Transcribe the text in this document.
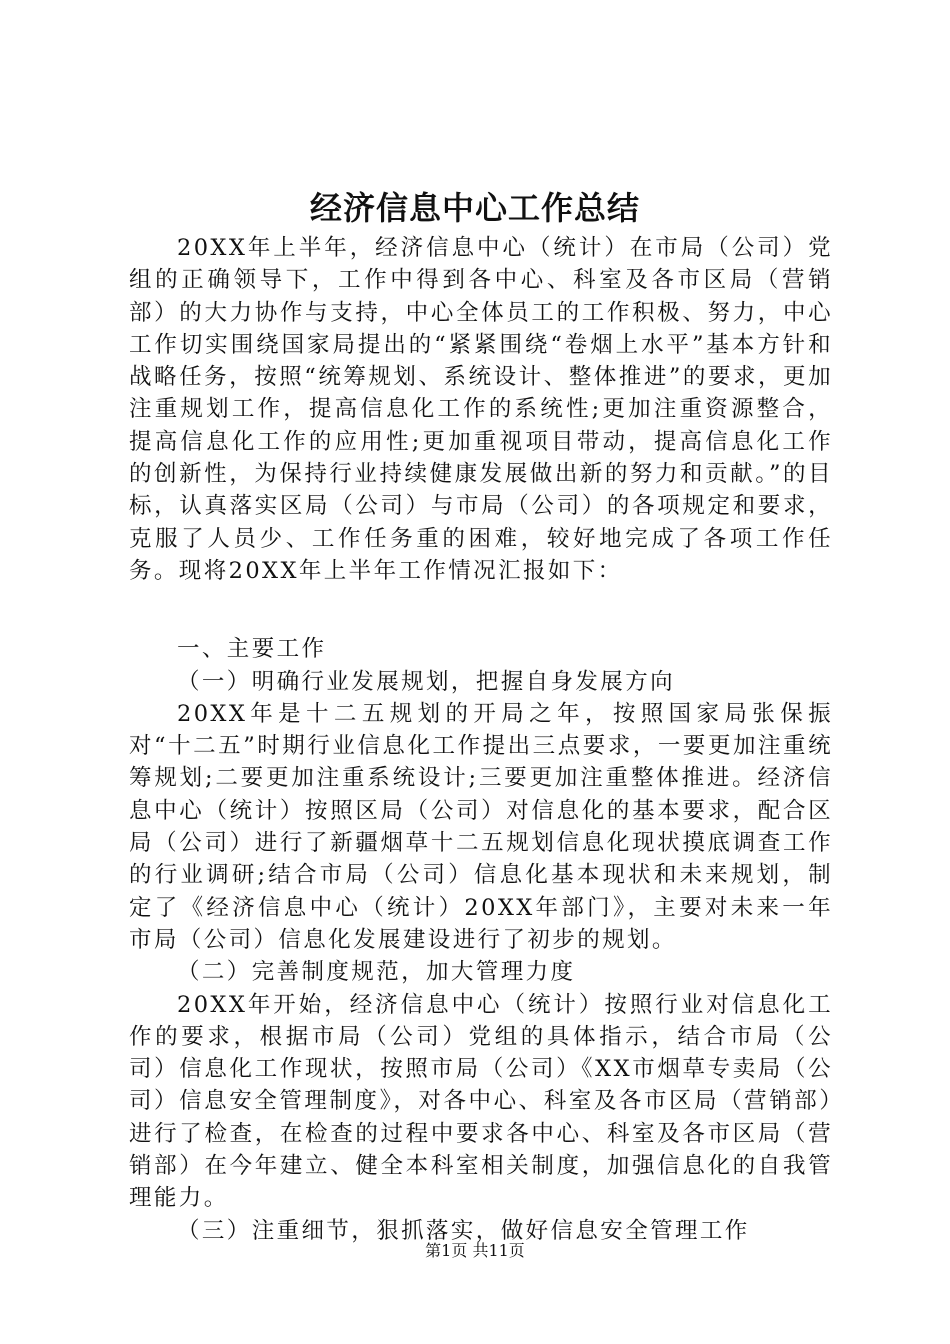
经济信息中心工作总结

20XX年上半年，经济信息中心（统计）在市局（公司）党组的正确领导下，工作中得到各中心、科室及各市区局（营销部）的大力协作与支持，中心全体员工的工作积极、努力，中心工作切实围绕国家局提出的“紧紧围绕“卷烟上水平”基本方针和战略任务，按照“统筹规划、系统设计、整体推进”的要求，更加注重规划工作，提高信息化工作的系统性;更加注重资源整合，提高信息化工作的应用性;更加重视项目带动，提高信息化工作的创新性，为保持行业持续健康发展做出新的努力和贡献。”的目标，认真落实区局（公司）与市局（公司）的各项规定和要求，克服了人员少、工作任务重的困难，较好地完成了各项工作任务。现将20XX年上半年工作情况汇报如下：

一、主要工作

（一）明确行业发展规划，把握自身发展方向

20XX年是十二五规划的开局之年，按照国家局张保振对“十二五”时期行业信息化工作提出三点要求，一要更加注重统筹规划;二要更加注重系统设计;三要更加注重整体推进。经济信息中心（统计）按照区局（公司）对信息化的基本要求，配合区局（公司）进行了新疆烟草十二五规划信息化现状摸底调查工作的行业调研;结合市局（公司）信息化基本现状和未来规划，制定了《经济信息中心（统计）20XX年部门》，主要对未来一年市局（公司）信息化发展建设进行了初步的规划。

（二）完善制度规范，加大管理力度

20XX年开始，经济信息中心（统计）按照行业对信息化工作的要求，根据市局（公司）党组的具体指示，结合市局（公司）信息化工作现状，按照市局（公司）《XX市烟草专卖局（公司）信息安全管理制度》，对各中心、科室及各市区局（营销部）进行了检查，在检查的过程中要求各中心、科室及各市区局（营销部）在今年建立、健全本科室相关制度，加强信息化的自我管理能力。

（三）注重细节，狠抓落实，做好信息安全管理工作

第1页 共11页
